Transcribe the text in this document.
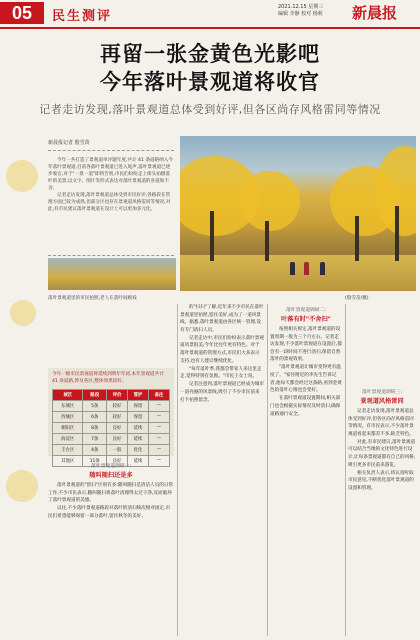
05	民生测评
2021.12.15 星期三
编辑 李静 校对 杨莉 新晨报
再留一张金黄色光影吧
今年落叶景观道将收官
记者走访发现,落叶景观道总体受到好评,但各区尚存风格雷同等情况
新晨报记者 殷雪苗

今年一共打造了景观道单评题年度,共计 41 条道路纳入今年落叶景观道,目前各落叶景观道已进入尾声,落叶景观道已逐步收官,对于"一景一道"即将告别,市民们纷纷走上街头拍摄落叶的美景,以文字、图片等形式表达对落叶景观道的喜爱和不舍。

记者走访发现,落叶景观道总体受到市民好评,各路段在管理方面已较为成熟,但部分区也存在景观道风格雷同等情况,对此,有市民建议落叶景观道在设计上可以更加多元化。

落叶景观道里的市民拍照,老人在落叶间嬉戏	(殷雪苗/摄)
今年一级市民景观道将延续到明年年初,本年景观道共计 41 条道路,涉及各区,整体效果较好。
城区	路段	评价	管护	备注
东城区	5条	较好	保留	—
西城区	6条	较好	保留	—
朝阳区	8条	良好	延续	—
海淀区	7条	良好	延续	—
丰台区	4条	一般	优化	—
其他区	11条	良好	延续	—
落叶景观道调研一:
随叫随扫还是多

落叶景观道的"留扫"区别有多:随叫随扫是清洁人员的日常工作,不少市民表示,随叫随扫将落叶清理得太过干净,反而破坏了落叶景观道的美感。

以往,不少落叶景观道路段对落叶的清扫频次相对固定,市民们希望能够保留一部分落叶,留住秋冬的美好。

的"扫扫"了解,近年来不少市民在落叶景观道里拍照,留住美好,成为了一道风景线。据悉,落叶景观道由各区统一管理,设有专门清扫人员。

记者走访中,市民们纷纷表示落叶景观道风景很美,今年比往年更有特色。对于落叶景观道的管理方式,市民们大多表示支持,也有人建议继续优化。

"每年落叶季,我都会带家人来这里走走,觉得特别有氛围。"市民王女士说。

记者注意到,落叶景观道已经成为城市一道亮丽的风景线,吸引了不少市民前来打卡拍照留念。

落叶景观道调研二:
叶落有时"不舍扫"

按照相关规定,落叶景观道的设置周期一般为三个月左右。记者走访发现,不少落叶景观道在设置后,都会有一段时间不进行清扫,保留自然落叶的景观效果。

"落叶景观道让城市变得更有温度了。"家住附近的李先生告诉记者,他每天都会经过这条路,看到金黄色的落叶心情也会变好。

在落叶景观道设置期间,相关部门也会根据实际情况及时清扫,确保道路通行安全。

落叶景观道调研三:
景观道风格雷同

记者走访发现,落叶景观道总体受到好评,但各区尚存风格雷同等情况。有市民表示,不少落叶景观道看起来都差不多,缺乏特色。

对此,有市民建议,落叶景观道可以结合当地的文化特色进行设计,让每条景观道都有自己的风格,吸引更多市民前来游览。

相关负责人表示,将认真听取市民意见,不断优化落叶景观道的设置和管理。
